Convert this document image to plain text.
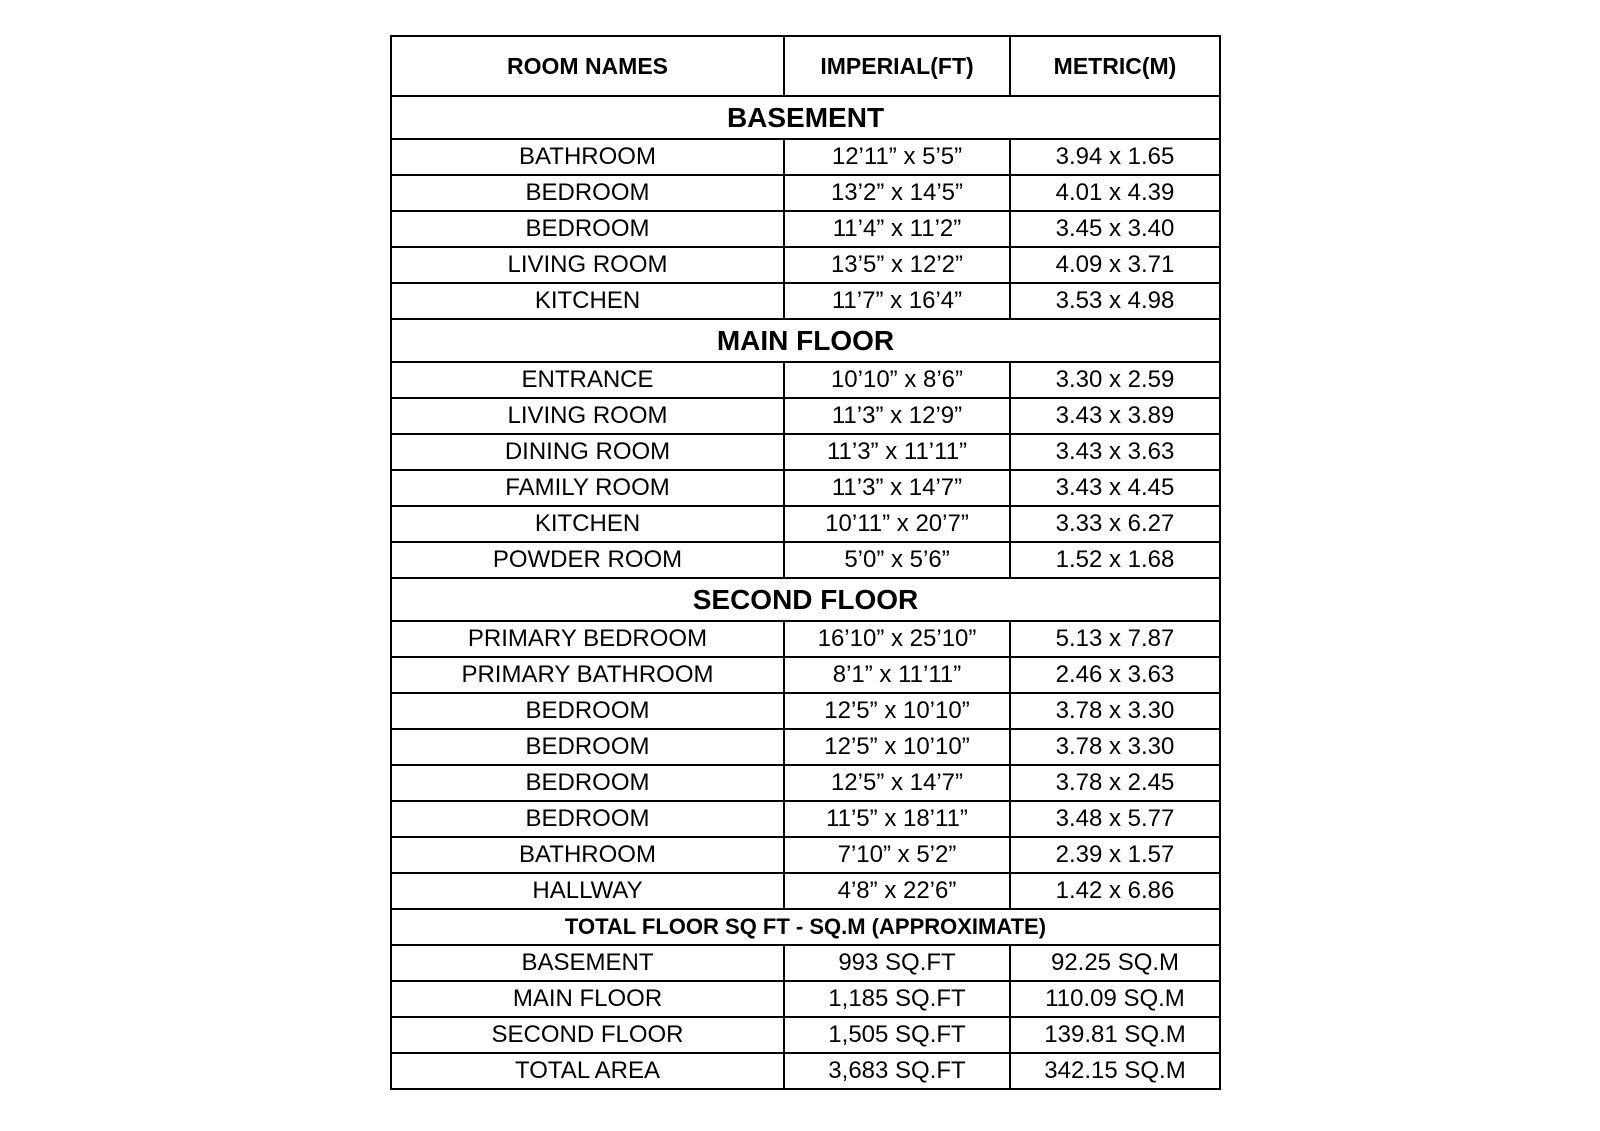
ROOM NAMES	IMPERIAL(FT)	METRIC(M)
BASEMENT		
BATHROOM	12’11” x 5’5”	3.94 x 1.65
BEDROOM	13’2” x 14’5”	4.01 x 4.39
BEDROOM	11’4” x 11’2”	3.45 x 3.40
LIVING ROOM	13’5” x 12’2”	4.09 x 3.71
KITCHEN	11’7” x 16’4”	3.53 x 4.98
MAIN FLOOR		
ENTRANCE	10’10” x 8’6”	3.30 x 2.59
LIVING ROOM	11’3” x 12’9”	3.43 x 3.89
DINING ROOM	11’3” x 11’11”	3.43 x 3.63
FAMILY ROOM	11’3” x 14’7”	3.43 x 4.45
KITCHEN	10’11” x 20’7”	3.33 x 6.27
POWDER ROOM	5’0” x 5’6”	1.52 x 1.68
SECOND FLOOR		
PRIMARY BEDROOM	16’10” x 25’10”	5.13 x 7.87
PRIMARY BATHROOM	8’1” x 11’11”	2.46 x 3.63
BEDROOM	12’5” x 10’10”	3.78 x 3.30
BEDROOM	12’5” x 10’10”	3.78 x 3.30
BEDROOM	12’5” x 14’7”	3.78 x 2.45
BEDROOM	11’5” x 18’11”	3.48 x 5.77
BATHROOM	7’10” x 5’2”	2.39 x 1.57
HALLWAY	4’8” x 22’6”	1.42 x 6.86
TOTAL FLOOR SQ FT - SQ.M (APPROXIMATE)		
BASEMENT	993 SQ.FT	92.25 SQ.M
MAIN FLOOR	1,185 SQ.FT	110.09 SQ.M
SECOND FLOOR	1,505 SQ.FT	139.81 SQ.M
TOTAL AREA	3,683 SQ.FT	342.15 SQ.M
